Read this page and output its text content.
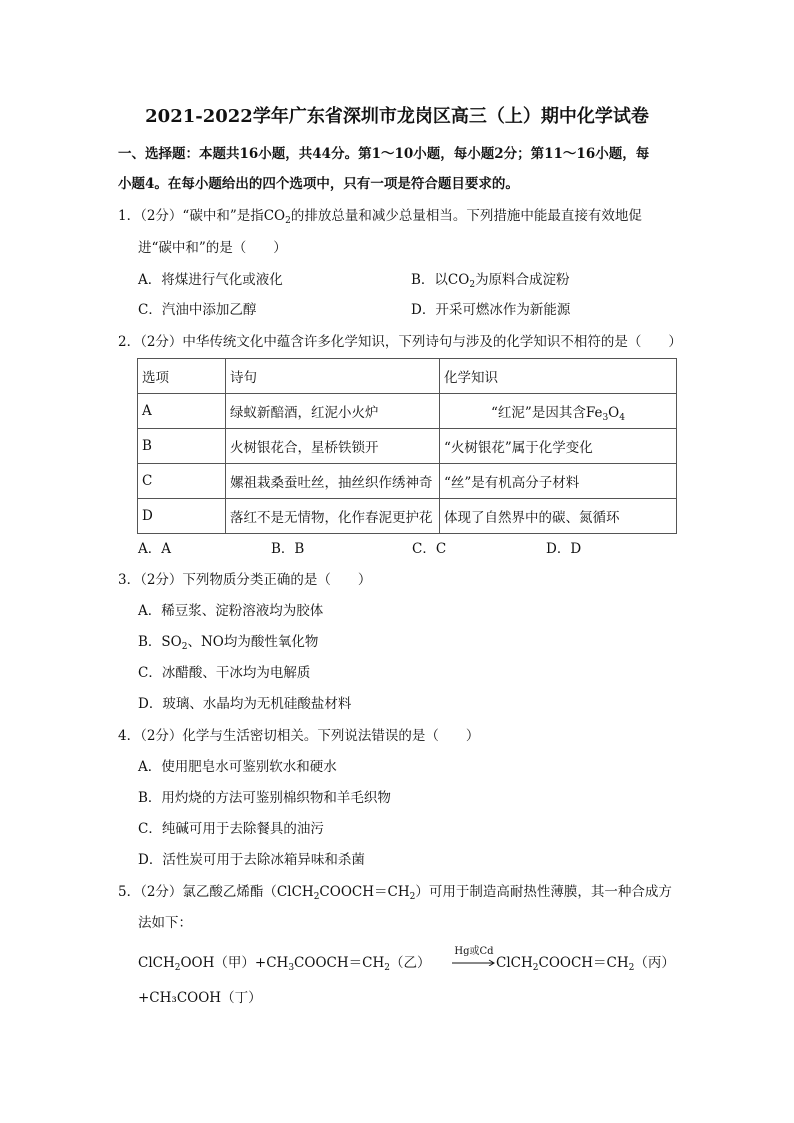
2021-2022学年广东省深圳市龙岗区高三（上）期中化学试卷
一、选择题：本题共16小题，共44分。第1～10小题，每小题2分；第11～16小题，每
小题4。在每小题给出的四个选项中，只有一项是符合题目要求的。
1．（2分）“碳中和”是指$CO_2$的排放总量和减少总量相当。下列措施中能最直接有效地促
进“碳中和”的是（　　）
A．将煤进行气化或液化	B．以$CO_2$为原料合成淀粉
C．汽油中添加乙醇	D．开采可燃冰作为新能源
2．（2分）中华传统文化中蕴含许多化学知识，下列诗句与涉及的化学知识不相符的是（　　）
选项	诗句	化学知识
A	绿蚁新醅酒，红泥小火炉	“红泥”是因其含$Fe_3O_4$
B	火树银花合，星桥铁锁开	“火树银花”属于化学变化
C	嫘祖栽桑蚕吐丝，抽丝织作绣神奇	“丝”是有机高分子材料
D	落红不是无情物，化作春泥更护花	体现了自然界中的碳、氮循环
A．A	B．B	C．C	D．D
3．（2分）下列物质分类正确的是（　　）
A．稀豆浆、淀粉溶液均为胶体
B．$SO_2$、NO均为酸性氧化物
C．冰醋酸、干冰均为电解质
D．玻璃、水晶均为无机硅酸盐材料
4．（2分）化学与生活密切相关。下列说法错误的是（　　）
A．使用肥皂水可鉴别软水和硬水
B．用灼烧的方法可鉴别棉织物和羊毛织物
C．纯碱可用于去除餐具的油污
D．活性炭可用于去除冰箱异味和杀菌
5．（2分）氯乙酸乙烯酯$(ClCH_2COOCH=CH_2)$可用于制造高耐热性薄膜，其一种合成方
法如下：
ClCH$_2$OOH（甲）$+CH_3COOCH=CH_2$（乙）
Hg或Cd
→ $ClCH_2COOCH=CH_2$（丙）
+CH₃COOH（丁）
